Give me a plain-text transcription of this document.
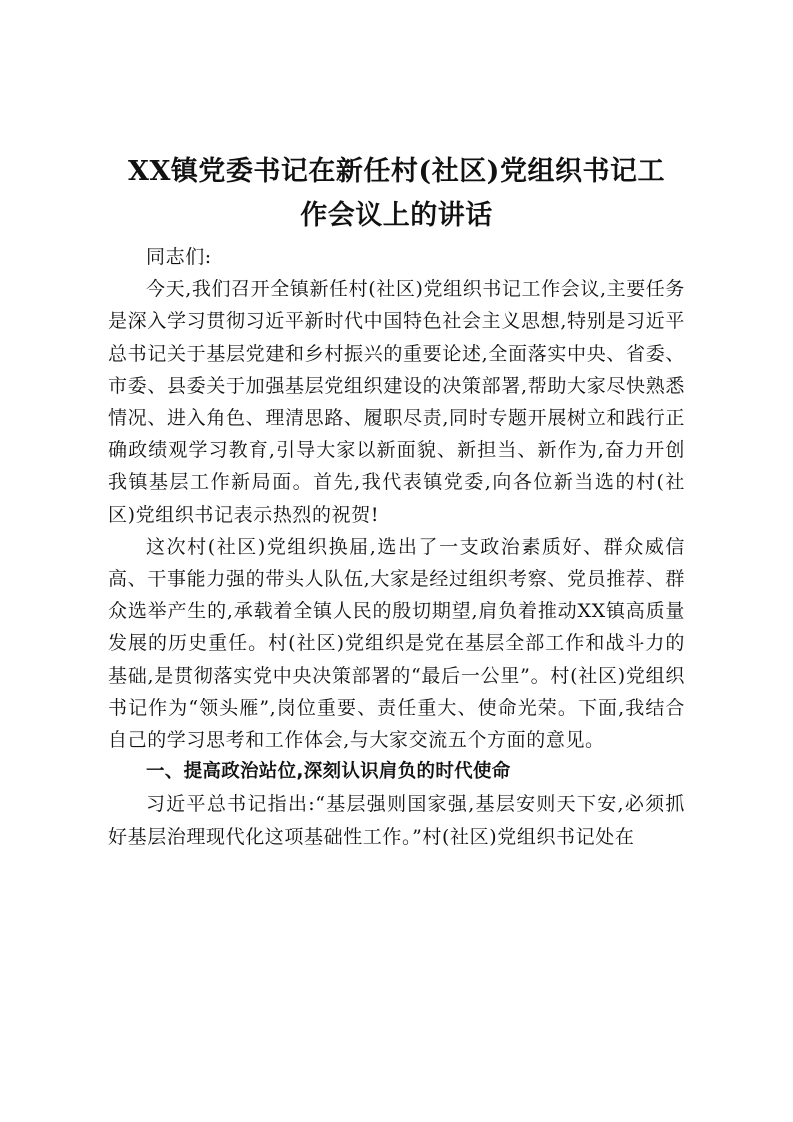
XX镇党委书记在新任村(社区)党组织书记工
作会议上的讲话

同志们:

今天,我们召开全镇新任村(社区)党组织书记工作会议,主要任务是深入学习贯彻习近平新时代中国特色社会主义思想,特别是习近平总书记关于基层党建和乡村振兴的重要论述,全面落实中央、省委、市委、县委关于加强基层党组织建设的决策部署,帮助大家尽快熟悉情况、进入角色、理清思路、履职尽责,同时专题开展树立和践行正确政绩观学习教育,引导大家以新面貌、新担当、新作为,奋力开创我镇基层工作新局面。首先,我代表镇党委,向各位新当选的村(社区)党组织书记表示热烈的祝贺!

这次村(社区)党组织换届,选出了一支政治素质好、群众威信高、干事能力强的带头人队伍,大家是经过组织考察、党员推荐、群众选举产生的,承载着全镇人民的殷切期望,肩负着推动XX镇高质量发展的历史重任。村(社区)党组织是党在基层全部工作和战斗力的基础,是贯彻落实党中央决策部署的“最后一公里”。村(社区)党组织书记作为“领头雁”,岗位重要、责任重大、使命光荣。下面,我结合自己的学习思考和工作体会,与大家交流五个方面的意见。

一、提高政治站位,深刻认识肩负的时代使命

习近平总书记指出:“基层强则国家强,基层安则天下安,必须抓好基层治理现代化这项基础性工作。”村(社区)党组织书记处在
